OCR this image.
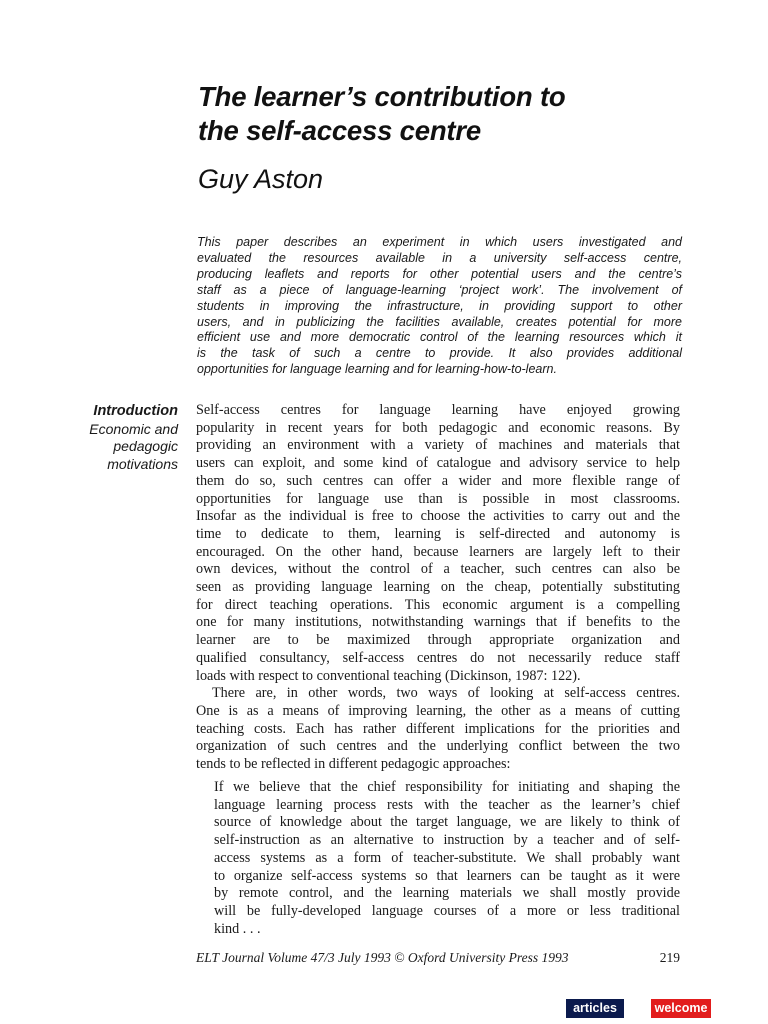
The learner’s contribution to
the self-access centre
Guy Aston
This paper describes an experiment in which users investigated and
evaluated the resources available in a university self-access centre,
producing leaflets and reports for other potential users and the centre’s
staff as a piece of language-learning ‘project work’. The involvement of
students in improving the infrastructure, in providing support to other
users, and in publicizing the facilities available, creates potential for more
efficient use and more democratic control of the learning resources which it
is the task of such a centre to provide. It also provides additional
opportunities for language learning and for learning-how-to-learn.
Introduction
Economic and
pedagogic
motivations
Self-access centres for language learning have enjoyed growing
popularity in recent years for both pedagogic and economic reasons. By
providing an environment with a variety of machines and materials that
users can exploit, and some kind of catalogue and advisory service to help
them do so, such centres can offer a wider and more flexible range of
opportunities for language use than is possible in most classrooms.
Insofar as the individual is free to choose the activities to carry out and the
time to dedicate to them, learning is self-directed and autonomy is
encouraged. On the other hand, because learners are largely left to their
own devices, without the control of a teacher, such centres can also be
seen as providing language learning on the cheap, potentially substituting
for direct teaching operations. This economic argument is a compelling
one for many institutions, notwithstanding warnings that if benefits to the
learner are to be maximized through appropriate organization and
qualified consultancy, self-access centres do not necessarily reduce staff
loads with respect to conventional teaching (Dickinson, 1987: 122).
There are, in other words, two ways of looking at self-access centres.
One is as a means of improving learning, the other as a means of cutting
teaching costs. Each has rather different implications for the priorities and
organization of such centres and the underlying conflict between the two
tends to be reflected in different pedagogic approaches:
If we believe that the chief responsibility for initiating and shaping the
language learning process rests with the teacher as the learner’s chief
source of knowledge about the target language, we are likely to think of
self-instruction as an alternative to instruction by a teacher and of self-
access systems as a form of teacher-substitute. We shall probably want
to organize self-access systems so that learners can be taught as it were
by remote control, and the learning materials we shall mostly provide
will be fully-developed language courses of a more or less traditional
kind . . .
ELT Journal Volume 47/3 July 1993 © Oxford University Press 1993	219
articles	welcome
